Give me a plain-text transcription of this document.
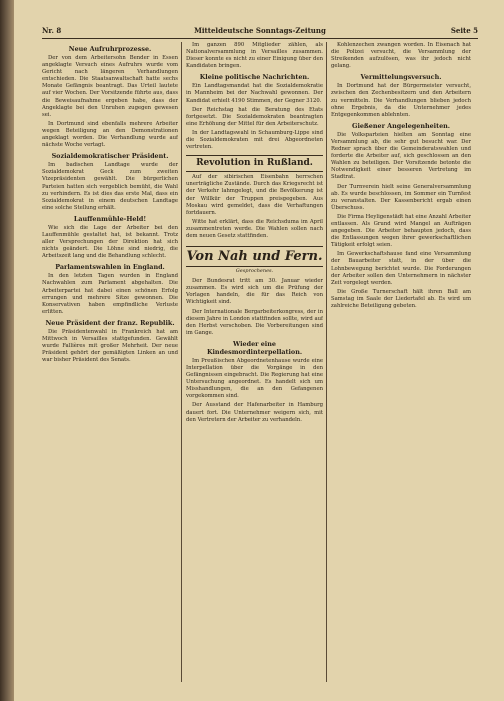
Nr. 8	Mitteldeutsche Sonntags-Zeitung	Seite 5
Neue Aufruhrprozesse.

Der von dem Arbeitersohn Bender in Essen angeklagte Versuch eines Aufruhrs wurde vom Gericht nach längeren Verhandlungen entschieden. Die Staatsanwaltschaft hatte sechs Monate Gefängnis beantragt. Das Urteil lautete auf vier Wochen. Der Vorsitzende führte aus, dass die Beweisaufnahme ergeben habe, dass der Angeklagte bei den Unruhen zugegen gewesen sei.

In Dortmund sind ebenfalls mehrere Arbeiter wegen Beteiligung an den Demonstrationen angeklagt worden. Die Verhandlung wurde auf nächste Woche vertagt.

Sozialdemokratischer Präsident.

Im badischen Landtage wurde der Sozialdemokrat Geck zum zweiten Vizepräsidenten gewählt. Die bürgerlichen Parteien hatten sich vergeblich bemüht, die Wahl zu verhindern. Es ist dies das erste Mal, dass ein Sozialdemokrat in einem deutschen Landtage eine solche Stellung erhält.

Lauffenmühle-Held!

Wie sich die Lage der Arbeiter bei den Lauffenmühle gestaltet hat, ist bekannt. Trotz aller Versprechungen der Direktion hat sich nichts geändert. Die Löhne sind niedrig, die Arbeitszeit lang und die Behandlung schlecht.

Parlamentswahlen in England.

In den letzten Tagen wurden in England Nachwahlen zum Parlament abgehalten. Die Arbeiterpartei hat dabei einen schönen Erfolg errungen und mehrere Sitze gewonnen. Die Konservativen haben empfindliche Verluste erlitten.

Neue Präsident der franz. Republik.

Die Präsidentenwahl in Frankreich hat am Mittwoch in Versailles stattgefunden. Gewählt wurde Fallières mit großer Mehrheit. Der neue Präsident gehört der gemäßigten Linken an und war bisher Präsident des Senats.

Im ganzen 890 Mitglieder zählen, als Nationalversammlung in Versailles zusammen. Dieser konnte es nicht zu einer Einigung über den Kandidaten bringen.

Kleine politische Nachrichten.

Ein Landtagsmandat hat die Sozialdemokratie in Mannheim bei der Nachwahl gewonnen. Der Kandidat erhielt 4190 Stimmen, der Gegner 3120.

Der Reichstag hat die Beratung des Etats fortgesetzt. Die Sozialdemokraten beantragten eine Erhöhung der Mittel für den Arbeiterschutz.

In der Landtagswahl in Schaumburg-Lippe sind die Sozialdemokraten mit drei Abgeordneten vertreten.

Revolution in Rußland.

Auf der sibirischen Eisenbahn herrschen unerträgliche Zustände. Durch das Kriegsrecht ist der Verkehr lahmgelegt, und die Bevölkerung ist der Willkür der Truppen preisgegeben. Aus Moskau wird gemeldet, dass die Verhaftungen fortdauern.

Witte hat erklärt, dass die Reichsduma im April zusammentreten werde. Die Wahlen sollen nach dem neuen Gesetz stattfinden.

Von Nah und Fern.
Gesprochenes.

Der Bundesrat tritt am 30. Januar wieder zusammen. Es wird sich um die Prüfung der Vorlagen handeln, die für das Reich von Wichtigkeit sind.

Der Internationale Bergarbeiterkongress, der in diesem Jahre in London stattfinden sollte, wird auf den Herbst verschoben. Die Vorbereitungen sind im Gange.

Wieder eine Kindesmordinterpellation.

Im Preußischen Abgeordnetenhause wurde eine Interpellation über die Vorgänge in den Gefängnissen eingebracht. Die Regierung hat eine Untersuchung angeordnet. Es handelt sich um Misshandlungen, die an den Gefangenen vorgekommen sind.

Der Ausstand der Hafenarbeiter in Hamburg dauert fort. Die Unternehmer weigern sich, mit den Vertretern der Arbeiter zu verhandeln.

Kohlenzechen zwangen worden. In Eisenach hat die Polizei versucht, die Versammlung der Streikenden aufzulösen, was ihr jedoch nicht gelang.

Vermittelungsversuch.

In Dortmund hat der Bürgermeister versucht, zwischen den Zechenbesitzern und den Arbeitern zu vermitteln. Die Verhandlungen blieben jedoch ohne Ergebnis, da die Unternehmer jedes Entgegenkommen ablehnten.

Gießener Angelegenheiten.

Die Volksparteien hielten am Sonntag eine Versammlung ab, die sehr gut besucht war. Der Redner sprach über die Gemeinderatswahlen und forderte die Arbeiter auf, sich geschlossen an den Wahlen zu beteiligen. Der Vorsitzende betonte die Notwendigkeit einer besseren Vertretung im Stadtrat.

Der Turnverein hielt seine Generalversammlung ab. Es wurde beschlossen, im Sommer ein Turnfest zu veranstalten. Der Kassenbericht ergab einen Überschuss.

Die Firma Heyligenstädt hat eine Anzahl Arbeiter entlassen. Als Grund wird Mangel an Aufträgen angegeben. Die Arbeiter behaupten jedoch, dass die Entlassungen wegen ihrer gewerkschaftlichen Tätigkeit erfolgt seien.

Im Gewerkschaftshause fand eine Versammlung der Bauarbeiter statt, in der über die Lohnbewegung berichtet wurde. Die Forderungen der Arbeiter sollen den Unternehmern in nächster Zeit vorgelegt werden.

Die Große Turnerschaft hält ihren Ball am Samstag im Saale der Liedertafel ab. Es wird um zahlreiche Beteiligung gebeten.
